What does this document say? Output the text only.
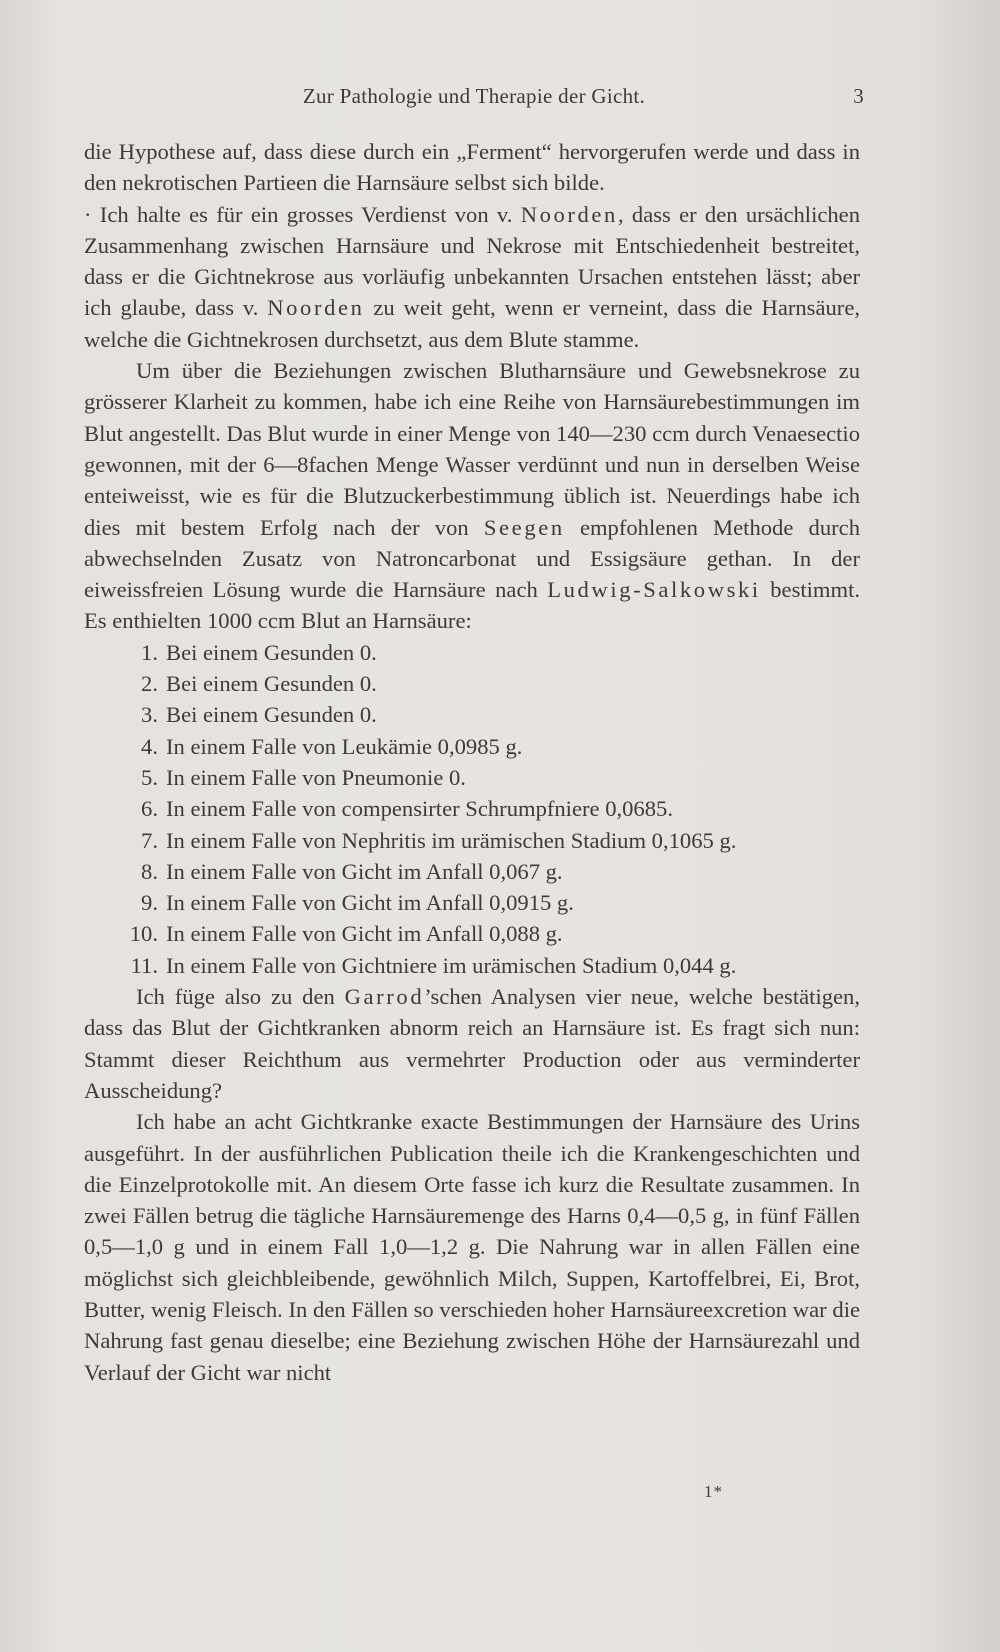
Zur Pathologie und Therapie der Gicht.	3

die Hypothese auf, dass diese durch ein „Ferment“ hervorgerufen werde und dass in den nekrotischen Partieen die Harnsäure selbst sich bilde.

· Ich halte es für ein grosses Verdienst von v. Noorden, dass er den ursächlichen Zusammenhang zwischen Harnsäure und Nekrose mit Entschiedenheit bestreitet, dass er die Gichtnekrose aus vorläufig unbekannten Ursachen entstehen lässt; aber ich glaube, dass v. Noorden zu weit geht, wenn er verneint, dass die Harnsäure, welche die Gichtnekrosen durchsetzt, aus dem Blute stamme.

Um über die Beziehungen zwischen Blutharnsäure und Gewebsnekrose zu grösserer Klarheit zu kommen, habe ich eine Reihe von Harnsäurebestimmungen im Blut angestellt. Das Blut wurde in einer Menge von 140—230 ccm durch Venaesectio gewonnen, mit der 6—8fachen Menge Wasser verdünnt und nun in derselben Weise enteiweisst, wie es für die Blutzuckerbestimmung üblich ist. Neuerdings habe ich dies mit bestem Erfolg nach der von Seegen empfohlenen Methode durch abwechselnden Zusatz von Natroncarbonat und Essigsäure gethan. In der eiweissfreien Lösung wurde die Harnsäure nach Ludwig-Salkowski bestimmt. Es enthielten 1000 ccm Blut an Harnsäure:

1. Bei einem Gesunden 0.
2. Bei einem Gesunden 0.
3. Bei einem Gesunden 0.
4. In einem Falle von Leukämie 0,0985 g.
5. In einem Falle von Pneumonie 0.
6. In einem Falle von compensirter Schrumpfniere 0,0685.
7. In einem Falle von Nephritis im urämischen Stadium 0,1065 g.
8. In einem Falle von Gicht im Anfall 0,067 g.
9. In einem Falle von Gicht im Anfall 0,0915 g.
10. In einem Falle von Gicht im Anfall 0,088 g.
11. In einem Falle von Gichtniere im urämischen Stadium 0,044 g.

Ich füge also zu den Garrod’schen Analysen vier neue, welche bestätigen, dass das Blut der Gichtkranken abnorm reich an Harnsäure ist. Es fragt sich nun: Stammt dieser Reichthum aus vermehrter Production oder aus verminderter Ausscheidung?

Ich habe an acht Gichtkranke exacte Bestimmungen der Harnsäure des Urins ausgeführt. In der ausführlichen Publication theile ich die Krankengeschichten und die Einzelprotokolle mit. An diesem Orte fasse ich kurz die Resultate zusammen. In zwei Fällen betrug die tägliche Harnsäuremenge des Harns 0,4—0,5 g, in fünf Fällen 0,5—1,0 g und in einem Fall 1,0—1,2 g. Die Nahrung war in allen Fällen eine möglichst sich gleichbleibende, gewöhnlich Milch, Suppen, Kartoffelbrei, Ei, Brot, Butter, wenig Fleisch. In den Fällen so verschieden hoher Harnsäureexcretion war die Nahrung fast genau dieselbe; eine Beziehung zwischen Höhe der Harnsäurezahl und Verlauf der Gicht war nicht

1*
